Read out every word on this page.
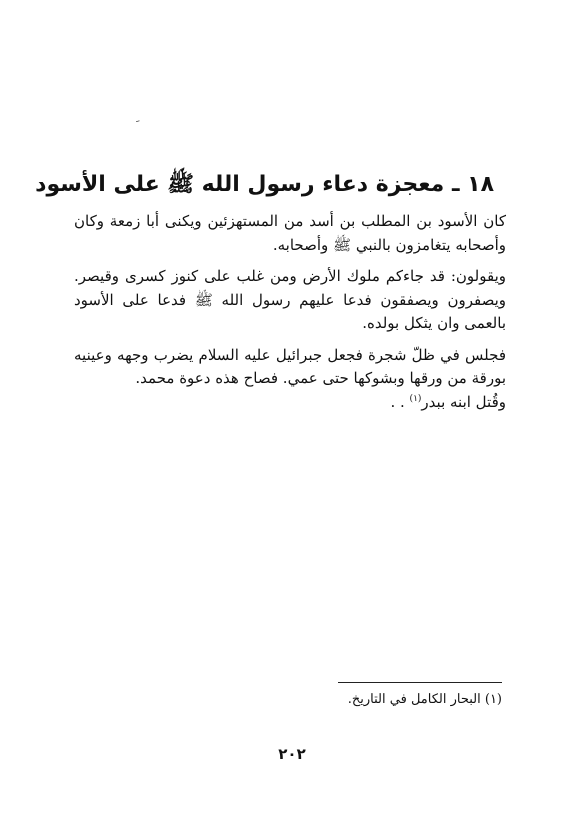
ﹶ
١٨ ـ معجزة دعاء رسول الله ﷺ على الأسود

كان الأسود بن المطلب بن أسد من المستهزئين ويكنى أبا زمعة وكان وأصحابه يتغامزون بالنبي ﷺ وأصحابه.

ويقولون: قد جاءكم ملوك الأرض ومن غلب على كنوز كسرى وقيصر. ويصفرون ويصفقون فدعا عليهم رسول الله ﷺ فدعا على الأسود بالعمى وان يثكل بولده.

فجلس في ظلّ شجرة فجعل جبرائيل عليه السلام يضرب وجهه وعينيه بورقة من ورقها وبشوكها حتى عمي. فصاح هذه دعوة محمد.
وقُتل ابنه ببدر$^{(١)}$ . .

(١) البحار الكامل في التاريخ.
٢٠٢
